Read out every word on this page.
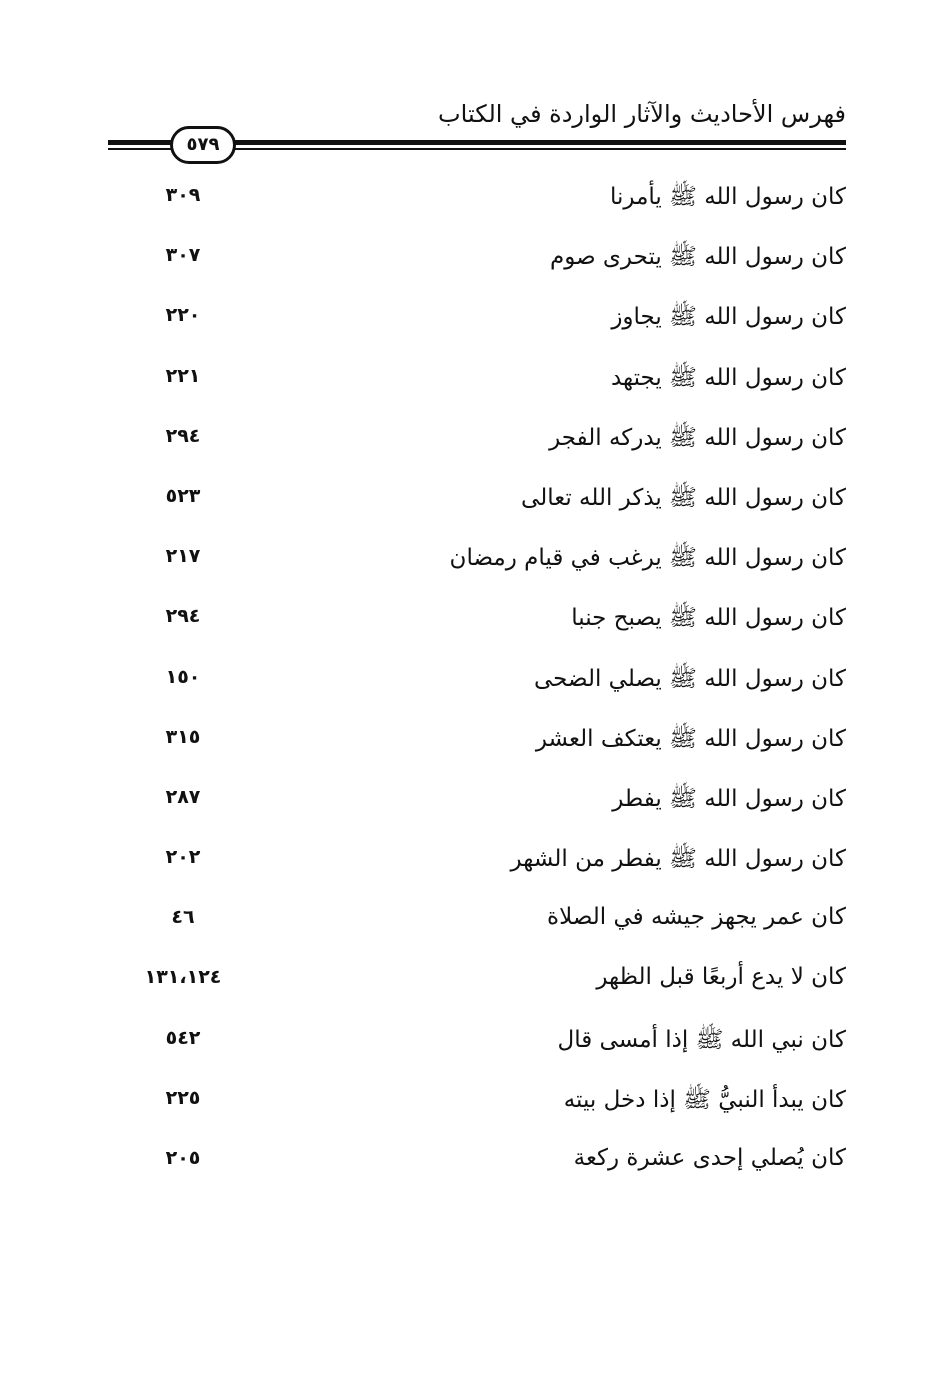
فهرس الأحاديث والآثار الواردة في الكتاب
٥٧٩
كان رسول الله ﷺ يأمرنا
٣٠٩
كان رسول الله ﷺ يتحرى صوم
٣٠٧
كان رسول الله ﷺ يجاوز
٢٢٠
كان رسول الله ﷺ يجتهد
٢٢١
كان رسول الله ﷺ يدركه الفجر
٢٩٤
كان رسول الله ﷺ يذكر الله تعالى
٥٢٣
كان رسول الله ﷺ يرغب في قيام رمضان
٢١٧
كان رسول الله ﷺ يصبح جنبا
٢٩٤
كان رسول الله ﷺ يصلي الضحى
١٥٠
كان رسول الله ﷺ يعتكف العشر
٣١٥
كان رسول الله ﷺ يفطر
٢٨٧
كان رسول الله ﷺ يفطر من الشهر
٢٠٢
كان عمر يجهز جيشه في الصلاة
٤٦
كان لا يدع أربعًا قبل الظهر
١٣١،١٢٤
كان نبي الله ﷺ إذا أمسى قال
٥٤٢
كان يبدأ النبيُّ ﷺ إذا دخل بيته
٢٢٥
كان يُصلي إحدى عشرة ركعة
٢٠٥
